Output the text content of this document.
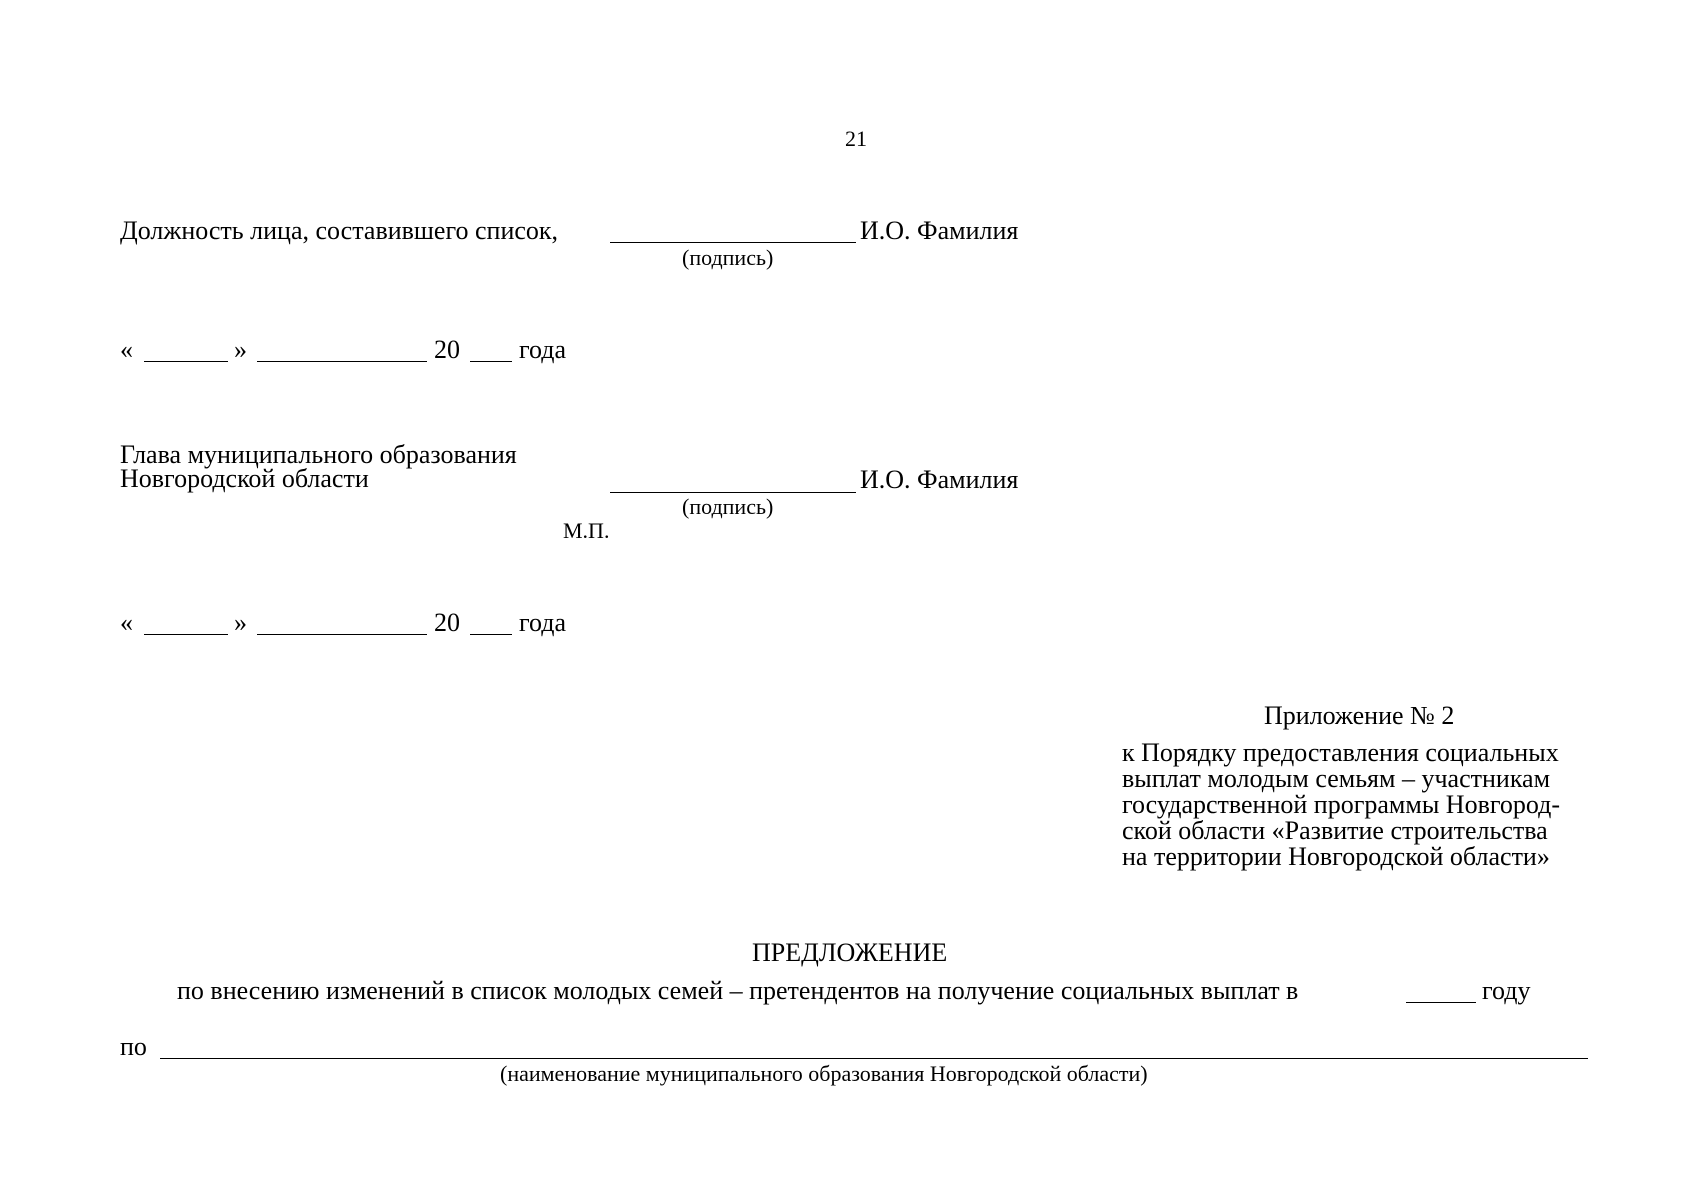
21
Должность лица, составившего список,	И.О. Фамилия
(подпись)
«	»	20 года
Глава муниципального образования
Новгородской области	И.О. Фамилия
(подпись)
М.П.
«	»	20 года
Приложение № 2
к Порядку предоставления социальных
выплат молодым семьям – участникам
государственной программы Новгород-
ской области «Развитие строительства
на территории Новгородской области»
ПРЕДЛОЖЕНИЕ
по внесению изменений в список молодых семей – претендентов на получение социальных выплат в	году
по
(наименование муниципального образования Новгородской области)
